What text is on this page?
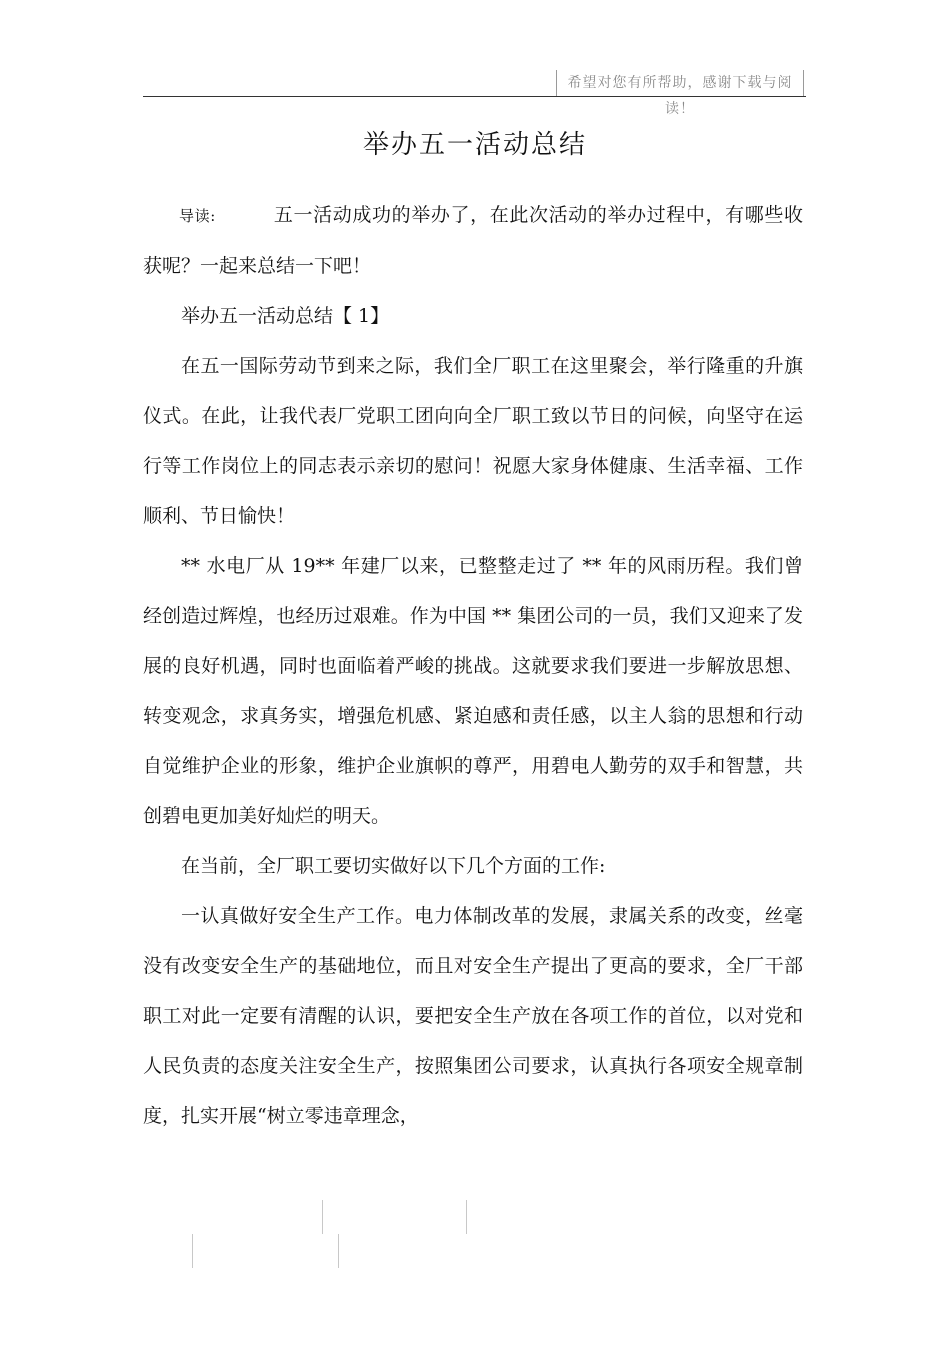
希望对您有所帮助，感谢下载与阅读！
举办五一活动总结

导读:	五一活动成功的举办了，在此次活动的举办过程中，有哪些收获呢？一起来总结一下吧！

举办五一活动总结【 1】

在五一国际劳动节到来之际，我们全厂职工在这里聚会，举行隆重的升旗仪式。在此，让我代表厂党职工团向向全厂职工致以节日的问候，向坚守在运行等工作岗位上的同志表示亲切的慰问！祝愿大家身体健康、生活幸福、工作顺利、节日愉快！

** 水电厂从 19** 年建厂以来，已整整走过了 ** 年的风雨历程。我们曾经创造过辉煌，也经历过艰难。作为中国 ** 集团公司的一员，我们又迎来了发展的良好机遇，同时也面临着严峻的挑战。这就要求我们要进一步解放思想、转变观念，求真务实，增强危机感、紧迫感和责任感，以主人翁的思想和行动自觉维护企业的形象，维护企业旗帜的尊严，用碧电人勤劳的双手和智慧，共创碧电更加美好灿烂的明天。

在当前，全厂职工要切实做好以下几个方面的工作:

一认真做好安全生产工作。电力体制改革的发展，隶属关系的改变，丝毫没有改变安全生产的基础地位，而且对安全生产提出了更高的要求，全厂干部职工对此一定要有清醒的认识，要把安全生产放在各项工作的首位，以对党和人民负责的态度关注安全生产，按照集团公司要求，认真执行各项安全规章制度，扎实开展“树立零违章理念，
